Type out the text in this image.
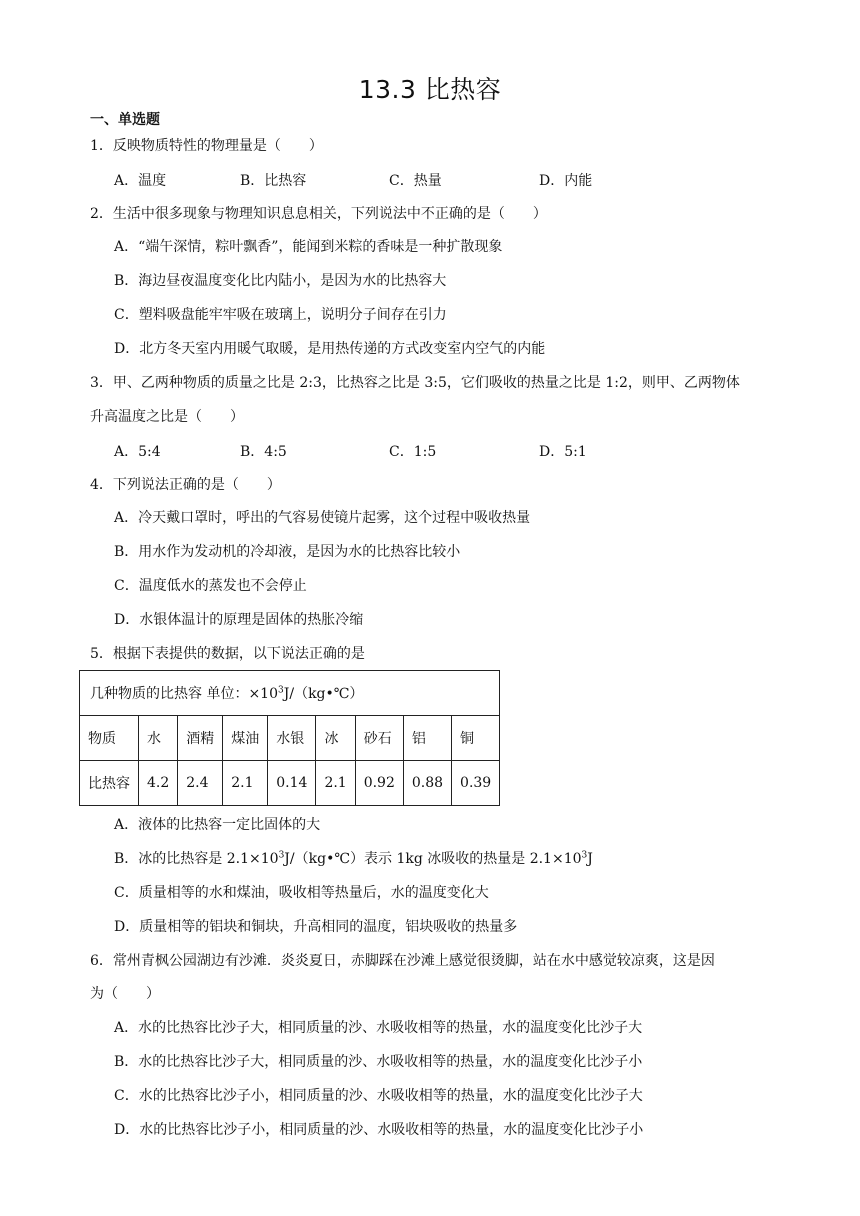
13.3 比热容
一、单选题
1．反映物质特性的物理量是（　　）
A．温度	B．比热容	C．热量	D．内能
2．生活中很多现象与物理知识息息相关，下列说法中不正确的是（　　）
A．“端午深情，粽叶飘香”，能闻到米粽的香味是一种扩散现象
B．海边昼夜温度变化比内陆小，是因为水的比热容大
C．塑料吸盘能牢牢吸在玻璃上，说明分子间存在引力
D．北方冬天室内用暖气取暖，是用热传递的方式改变室内空气的内能
3．甲、乙两种物质的质量之比是 2:3，比热容之比是 3:5，它们吸收的热量之比是 1:2，则甲、乙两物体
升高温度之比是（　　）
A．5:4	B．4:5	C．1:5	D．5:1
4．下列说法正确的是（　　）
A．冷天戴口罩时，呼出的气容易使镜片起雾，这个过程中吸收热量
B．用水作为发动机的冷却液，是因为水的比热容比较小
C．温度低水的蒸发也不会停止
D．水银体温计的原理是固体的热胀冷缩
5．根据下表提供的数据，以下说法正确的是
几种物质的比热容 单位：$\times 10^3J/(kg•℃)$								
物质	水	酒精	煤油	水银	冰	砂石	铝	铜
比热容	4.2	2.4	2.1	0.14	2.1	0.92	0.88	0.39
A．液体的比热容一定比固体的大
B．冰的比热容是 $2.1\times 10^3J/(kg•℃)$表示 1kg 冰吸收的热量是 $2.1\times 10^3J$
C．质量相等的水和煤油，吸收相等热量后，水的温度变化大
D．质量相等的铝块和铜块，升高相同的温度，铝块吸收的热量多
6．常州青枫公园湖边有沙滩．炎炎夏日，赤脚踩在沙滩上感觉很烫脚，站在水中感觉较凉爽，这是因
为（　　）
A．水的比热容比沙子大，相同质量的沙、水吸收相等的热量，水的温度变化比沙子大
B．水的比热容比沙子大，相同质量的沙、水吸收相等的热量，水的温度变化比沙子小
C．水的比热容比沙子小，相同质量的沙、水吸收相等的热量，水的温度变化比沙子大
D．水的比热容比沙子小，相同质量的沙、水吸收相等的热量，水的温度变化比沙子小
